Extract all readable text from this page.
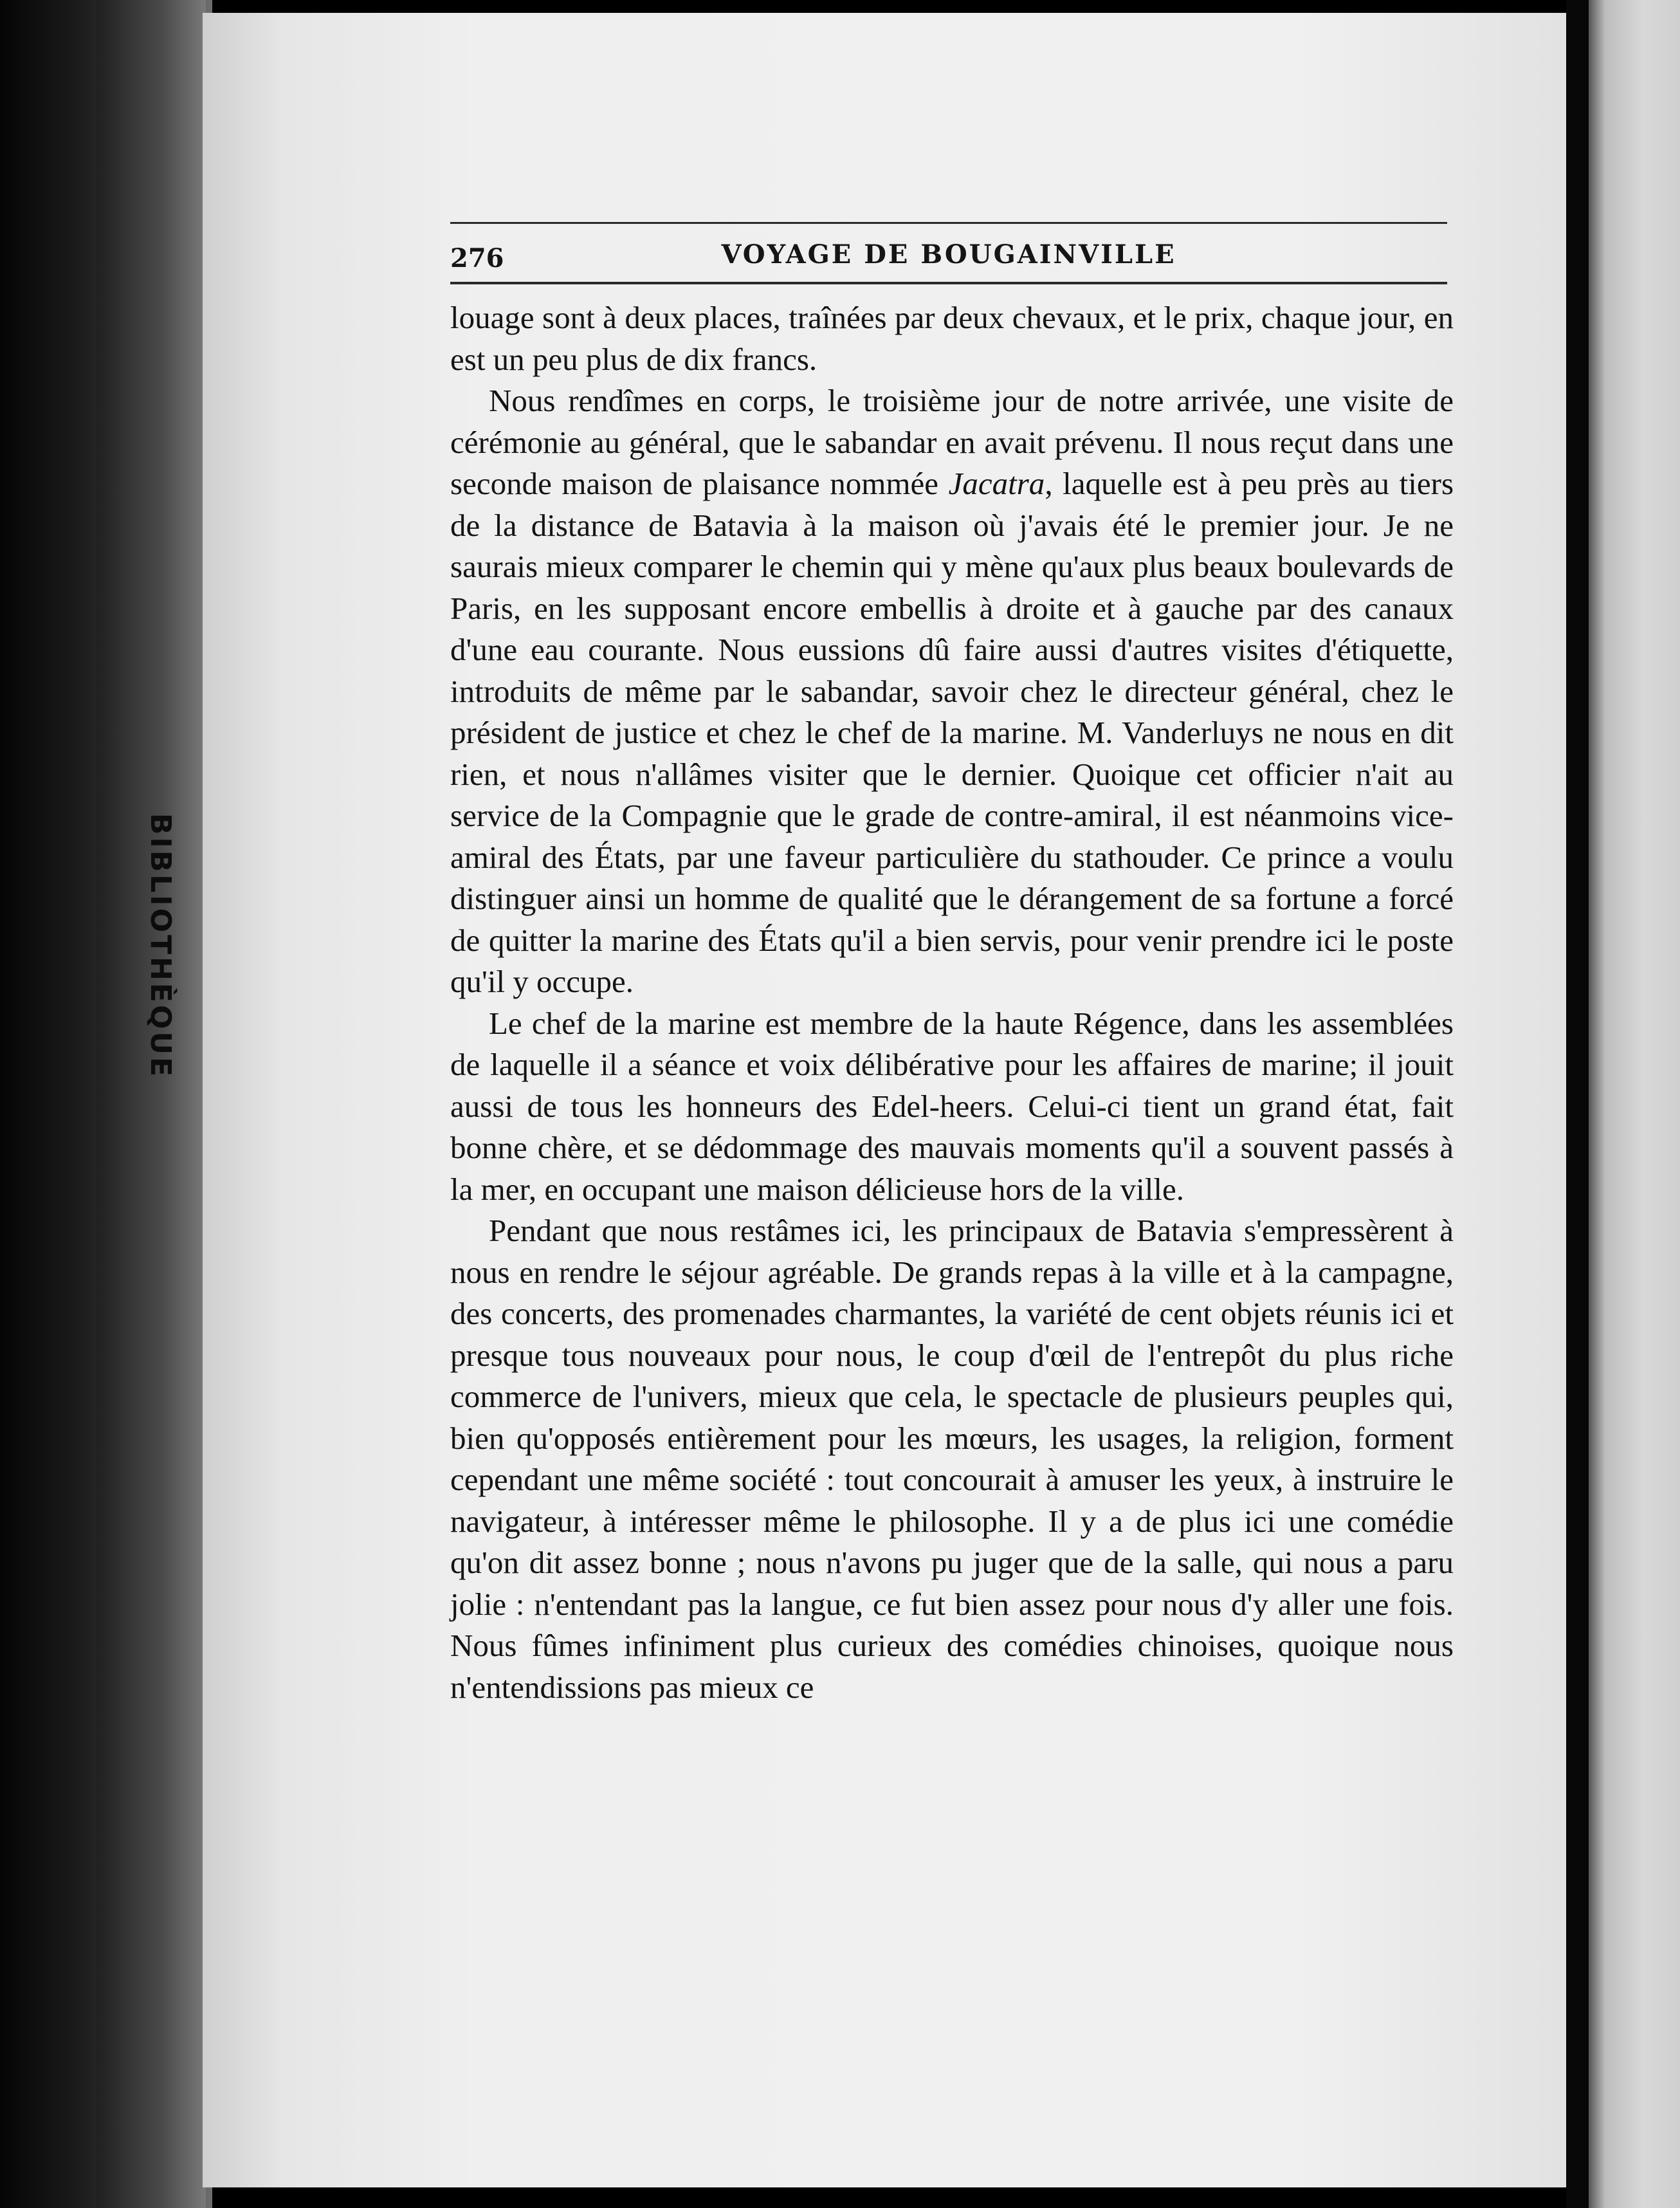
BIBLIOTHÈQUE
276	VOYAGE DE BOUGAINVILLE

louage sont à deux places, traînées par deux chevaux, et le prix, chaque jour, en est un peu plus de dix francs.

Nous rendîmes en corps, le troisième jour de notre arrivée, une visite de cérémonie au général, que le sabandar en avait prévenu. Il nous reçut dans une seconde maison de plaisance nommée Jacatra, laquelle est à peu près au tiers de la distance de Batavia à la maison où j'avais été le premier jour. Je ne saurais mieux comparer le chemin qui y mène qu'aux plus beaux boulevards de Paris, en les supposant encore embellis à droite et à gauche par des canaux d'une eau courante. Nous eussions dû faire aussi d'autres visites d'étiquette, introduits de même par le sabandar, savoir chez le directeur général, chez le président de justice et chez le chef de la marine. M. Vanderluys ne nous en dit rien, et nous n'allâmes visiter que le dernier. Quoique cet officier n'ait au service de la Compagnie que le grade de contre-amiral, il est néanmoins vice-amiral des États, par une faveur particulière du stathouder. Ce prince a voulu distinguer ainsi un homme de qualité que le dérangement de sa fortune a forcé de quitter la marine des États qu'il a bien servis, pour venir prendre ici le poste qu'il y occupe.

Le chef de la marine est membre de la haute Régence, dans les assemblées de laquelle il a séance et voix délibérative pour les affaires de marine; il jouit aussi de tous les honneurs des Edel-heers. Celui-ci tient un grand état, fait bonne chère, et se dédommage des mauvais moments qu'il a souvent passés à la mer, en occupant une maison délicieuse hors de la ville.

Pendant que nous restâmes ici, les principaux de Batavia s'empressèrent à nous en rendre le séjour agréable. De grands repas à la ville et à la campagne, des concerts, des promenades charmantes, la variété de cent objets réunis ici et presque tous nouveaux pour nous, le coup d'œil de l'entrepôt du plus riche commerce de l'univers, mieux que cela, le spectacle de plusieurs peuples qui, bien qu'opposés entièrement pour les mœurs, les usages, la religion, forment cependant une même société : tout concourait à amuser les yeux, à instruire le navigateur, à intéresser même le philosophe. Il y a de plus ici une comédie qu'on dit assez bonne ; nous n'avons pu juger que de la salle, qui nous a paru jolie : n'entendant pas la langue, ce fut bien assez pour nous d'y aller une fois. Nous fûmes infiniment plus curieux des comédies chinoises, quoique nous n'entendissions pas mieux ce
